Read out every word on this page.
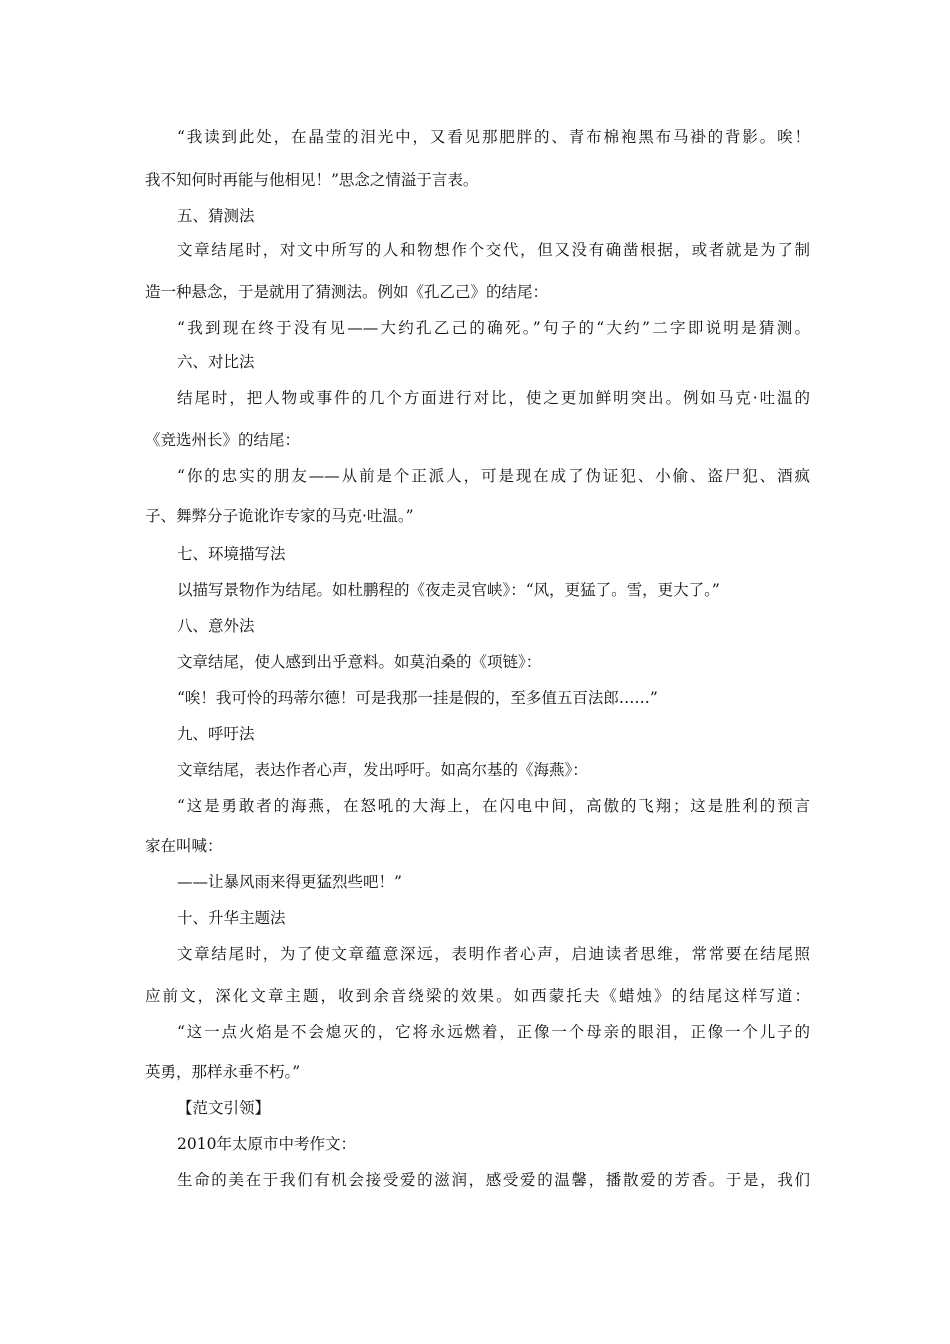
“我读到此处，在晶莹的泪光中，又看见那肥胖的、青布棉袍黑布马褂的背影。唉！
我不知何时再能与他相见！”思念之情溢于言表。
五、猜测法
文章结尾时，对文中所写的人和物想作个交代，但又没有确凿根据，或者就是为了制
造一种悬念，于是就用了猜测法。例如《孔乙己》的结尾：
“我到现在终于没有见——大约孔乙己的确死。”句子的“大约”二字即说明是猜测。
六、对比法
结尾时，把人物或事件的几个方面进行对比，使之更加鲜明突出。例如马克·吐温的
《竞选州长》的结尾：
“你的忠实的朋友——从前是个正派人，可是现在成了伪证犯、小偷、盗尸犯、酒疯
子、舞弊分子诡讹诈专家的马克·吐温。”
七、环境描写法
以描写景物作为结尾。如杜鹏程的《夜走灵官峡》：“风，更猛了。雪，更大了。”
八、意外法
文章结尾，使人感到出乎意料。如莫泊桑的《项链》：
“唉！我可怜的玛蒂尔德！可是我那一挂是假的，至多值五百法郎……”
九、呼吁法
文章结尾，表达作者心声，发出呼吁。如高尔基的《海燕》：
“这是勇敢者的海燕，在怒吼的大海上，在闪电中间，高傲的飞翔；这是胜利的预言
家在叫喊：
——让暴风雨来得更猛烈些吧！”
十、升华主题法
文章结尾时，为了使文章蕴意深远，表明作者心声，启迪读者思维，常常要在结尾照
应前文，深化文章主题，收到余音绕梁的效果。如西蒙托夫《蜡烛》的结尾这样写道：
“这一点火焰是不会熄灭的，它将永远燃着，正像一个母亲的眼泪，正像一个儿子的
英勇，那样永垂不朽。”
【范文引领】
2010年太原市中考作文：
生命的美在于我们有机会接受爱的滋润，感受爱的温馨，播散爱的芳香。于是，我们
